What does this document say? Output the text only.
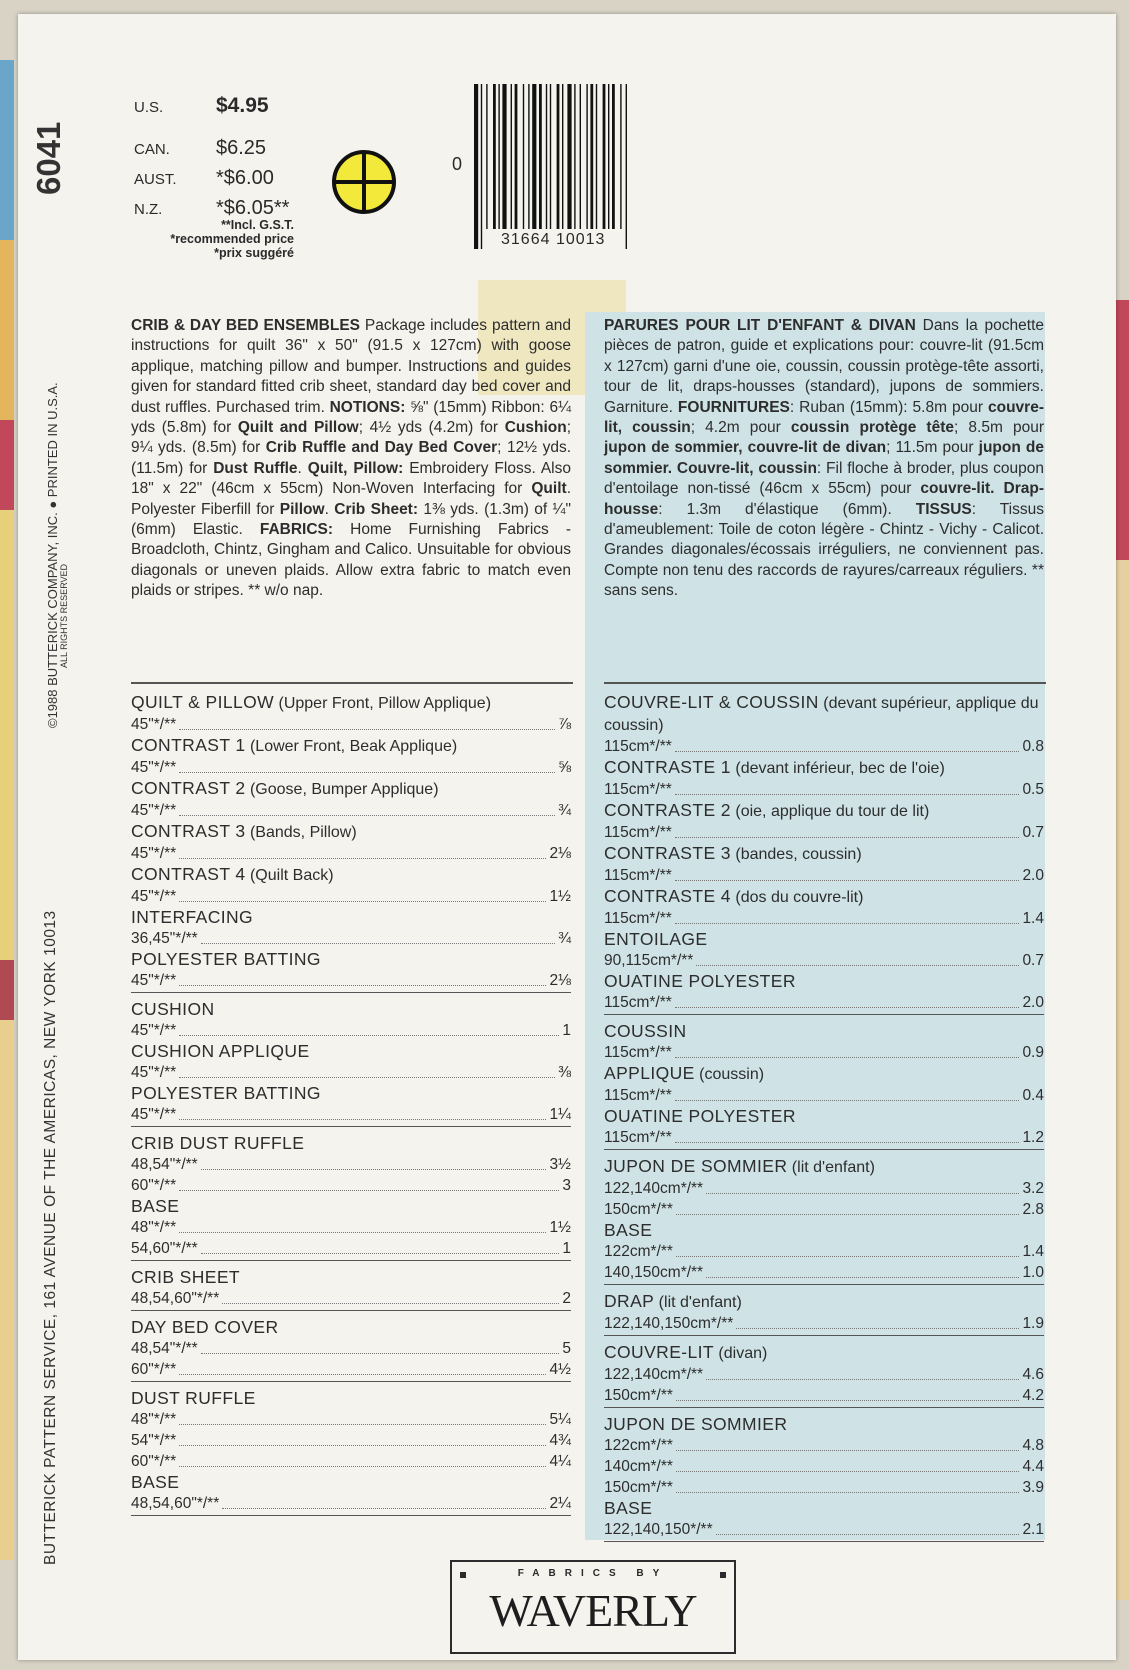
6041
©1988 BUTTERICK COMPANY, INC. ● PRINTED IN U.S.A. ALL RIGHTS RESERVED
BUTTERICK PATTERN SERVICE, 161 AVENUE OF THE AMERICAS, NEW YORK 10013
U.S.	$4.95
CAN. $6.25
AUST. *$6.00
N.Z.	*$6.05**
**Incl. G.S.T.
*recommended price
*prix suggéré
0
31664 10013
CRIB & DAY BED ENSEMBLES Package includes pattern and instructions for quilt 36" x 50" (91.5 x 127cm) with goose applique, matching pillow and bumper. Instructions and guides given for standard fitted crib sheet, standard day bed cover and dust ruffles. Purchased trim. NOTIONS: ⅝" (15mm) Ribbon: 6¼ yds (5.8m) for Quilt and Pillow; 4½ yds (4.2m) for Cushion; 9¼ yds. (8.5m) for Crib Ruffle and Day Bed Cover; 12½ yds. (11.5m) for Dust Ruffle. Quilt, Pillow: Embroidery Floss. Also 18" x 22" (46cm x 55cm) Non-Woven Interfacing for Quilt. Polyester Fiberfill for Pillow. Crib Sheet: 1⅜ yds. (1.3m) of ¼" (6mm) Elastic. FABRICS: Home Furnishing Fabrics - Broadcloth, Chintz, Gingham and Calico. Unsuitable for obvious diagonals or uneven plaids. Allow extra fabric to match even plaids or stripes. ** w/o nap.
PARURES POUR LIT D'ENFANT & DIVAN Dans la pochette pièces de patron, guide et explications pour: couvre-lit (91.5cm x 127cm) garni d'une oie, coussin, coussin protège-tête assorti, tour de lit, draps-housses (standard), jupons de sommiers. Garniture. FOURNITURES: Ruban (15mm): 5.8m pour couvre-lit, coussin; 4.2m pour coussin protège tête; 8.5m pour jupon de sommier, couvre-lit de divan; 11.5m pour jupon de sommier. Couvre-lit, coussin: Fil floche à broder, plus coupon d'entoilage non-tissé (46cm x 55cm) pour couvre-lit. Drap-housse: 1.3m d'élastique (6mm). TISSUS: Tissus d'ameublement: Toile de coton légère - Chintz - Vichy - Calicot. Grandes diagonales/écossais irréguliers, ne conviennent pas. Compte non tenu des raccords de rayures/carreaux réguliers. ** sans sens.
QUILT & PILLOW (Upper Front, Pillow Applique)
45"*/**	⅞
CONTRAST 1 (Lower Front, Beak Applique)
45"*/**	⅝
CONTRAST 2 (Goose, Bumper Applique)
45"*/**	¾
CONTRAST 3 (Bands, Pillow)
45"*/**	2⅛
CONTRAST 4 (Quilt Back)
45"*/**	1½
INTERFACING
36,45"*/**	¾
POLYESTER BATTING
45"*/**	2⅛
CUSHION
45"*/**	1
CUSHION APPLIQUE
45"*/**	⅜
POLYESTER BATTING
45"*/**	1¼
CRIB DUST RUFFLE
48,54"*/**	3½
60"*/**	3
BASE
48"*/**	1½
54,60"*/**	1
CRIB SHEET
48,54,60"*/**	2
DAY BED COVER
48,54"*/**	5
60"*/**	4½
DUST RUFFLE
48"*/**	5¼
54"*/**	4¾
60"*/**	4¼
BASE
48,54,60"*/**	2¼
COUVRE-LIT & COUSSIN (devant supérieur, applique du coussin)
115cm*/**	0.8
CONTRASTE 1 (devant inférieur, bec de l'oie)
115cm*/**	0.5
CONTRASTE 2 (oie, applique du tour de lit)
115cm*/**	0.7
CONTRASTE 3 (bandes, coussin)
115cm*/**	2.0
CONTRASTE 4 (dos du couvre-lit)
115cm*/**	1.4
ENTOILAGE
90,115cm*/**	0.7
OUATINE POLYESTER
115cm*/**	2.0
COUSSIN
115cm*/**	0.9
APPLIQUE (coussin)
115cm*/**	0.4
OUATINE POLYESTER
115cm*/**	1.2
JUPON DE SOMMIER (lit d'enfant)
122,140cm*/**	3.2
150cm*/**	2.8
BASE
122cm*/**	1.4
140,150cm*/**	1.0
DRAP (lit d'enfant)
122,140,150cm*/**	1.9
COUVRE-LIT (divan)
122,140cm*/**	4.6
150cm*/**	4.2
JUPON DE SOMMIER
122cm*/**	4.8
140cm*/**	4.4
150cm*/**	3.9
BASE
122,140,150*/**	2.1
FABRICS BY
WAVERLY
